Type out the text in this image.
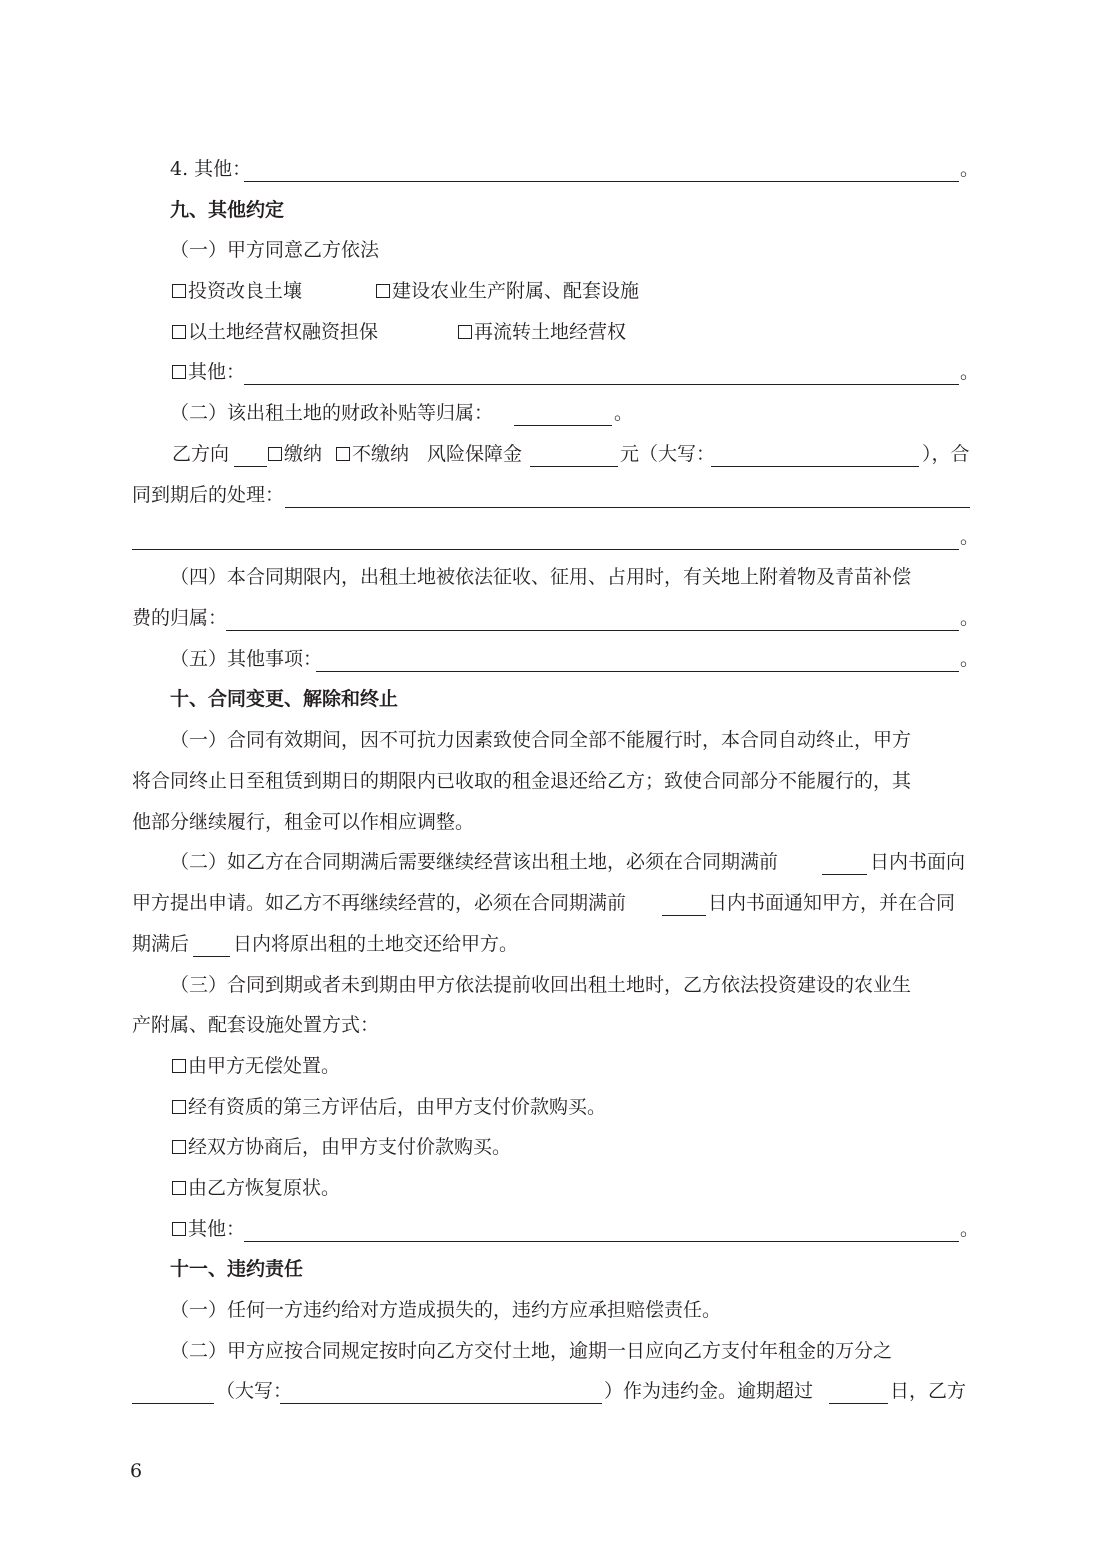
4. 其他：	。
九、其他约定
（一）甲方同意乙方依法
投资改良土壤	建设农业生产附属、配套设施
以土地经营权融资担保	再流转土地经营权
其他：	。
（二）该出租土地的财政补贴等归属：	。
乙方向	缴纳	不缴纳 风险保障金	元（大写：	），合
同到期后的处理：
。
（四）本合同期限内，出租土地被依法征收、征用、占用时，有关地上附着物及青苗补偿
费的归属：	。
（五）其他事项：	。
十、合同变更、解除和终止
（一）合同有效期间，因不可抗力因素致使合同全部不能履行时，本合同自动终止，甲方
将合同终止日至租赁到期日的期限内已收取的租金退还给乙方；致使合同部分不能履行的，其
他部分继续履行，租金可以作相应调整。
（二）如乙方在合同期满后需要继续经营该出租土地，必须在合同期满前	日内书面向
甲方提出申请。如乙方不再继续经营的，必须在合同期满前	日内书面通知甲方，并在合同
期满后 日内将原出租的土地交还给甲方。
（三）合同到期或者未到期由甲方依法提前收回出租土地时，乙方依法投资建设的农业生
产附属、配套设施处置方式：
由甲方无偿处置。
经有资质的第三方评估后，由甲方支付价款购买。
经双方协商后，由甲方支付价款购买。
由乙方恢复原状。
其他：	。
十一、违约责任
（一）任何一方违约给对方造成损失的，违约方应承担赔偿责任。
（二）甲方应按合同规定按时向乙方交付土地，逾期一日应向乙方支付年租金的万分之
（大写：	）作为违约金。逾期超过	日，乙方
6
